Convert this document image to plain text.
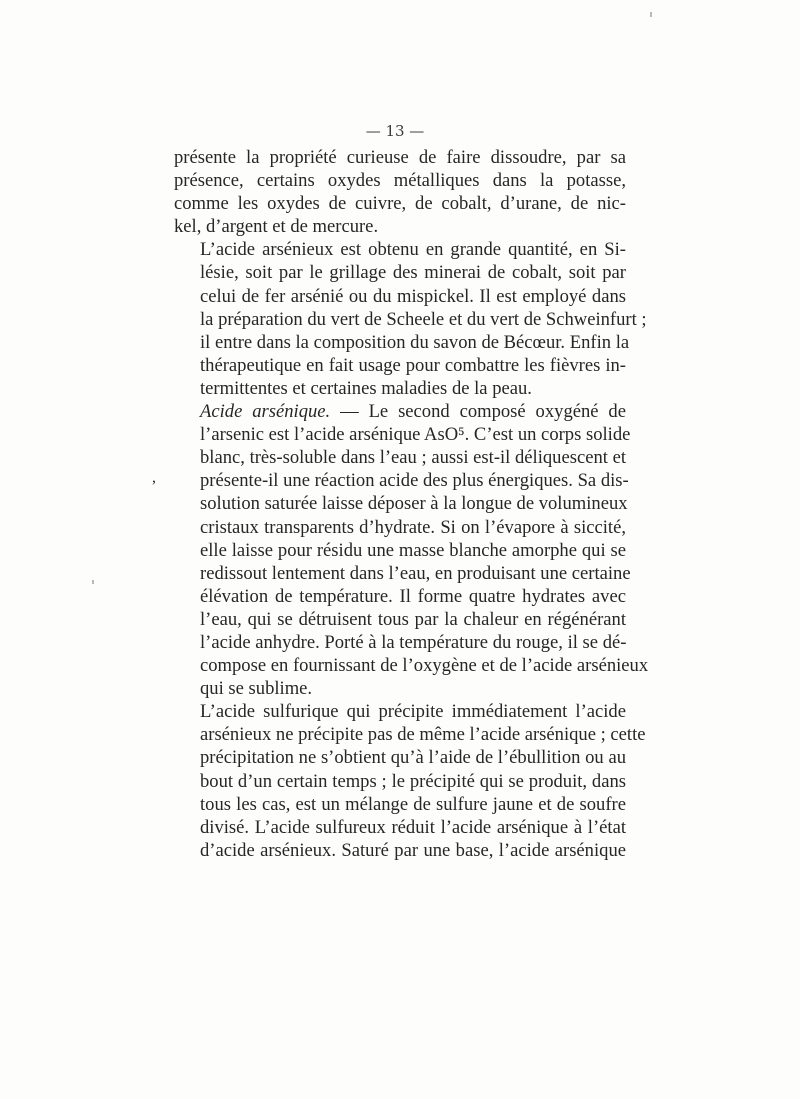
— 13 —
,

présente la propriété curieuse de faire dissoudre, par sa
présence, certains oxydes métalliques dans la potasse,
comme les oxydes de cuivre, de cobalt, d’urane, de nic-
kel, d’argent et de mercure.

L’acide arsénieux est obtenu en grande quantité, en Si-
lésie, soit par le grillage des minerai de cobalt, soit par
celui de fer arsénié ou du mispickel. Il est employé dans
la préparation du vert de Scheele et du vert de Schweinfurt ;
il entre dans la composition du savon de Bécœur. Enfin la
thérapeutique en fait usage pour combattre les fièvres in-
termittentes et certaines maladies de la peau.

Acide arsénique. — Le second composé oxygéné de
l’arsenic est l’acide arsénique AsO⁵. C’est un corps solide
blanc, très-soluble dans l’eau ; aussi est-il déliquescent et
présente-il une réaction acide des plus énergiques. Sa dis-
solution saturée laisse déposer à la longue de volumineux
cristaux transparents d’hydrate. Si on l’évapore à siccité,
elle laisse pour résidu une masse blanche amorphe qui se
redissout lentement dans l’eau, en produisant une certaine
élévation de température. Il forme quatre hydrates avec
l’eau, qui se détruisent tous par la chaleur en régénérant
l’acide anhydre. Porté à la température du rouge, il se dé-
compose en fournissant de l’oxygène et de l’acide arsénieux
qui se sublime.

L’acide sulfurique qui précipite immédiatement l’acide
arsénieux ne précipite pas de même l’acide arsénique ; cette
précipitation ne s’obtient qu’à l’aide de l’ébullition ou au
bout d’un certain temps ; le précipité qui se produit, dans
tous les cas, est un mélange de sulfure jaune et de soufre
divisé. L’acide sulfureux réduit l’acide arsénique à l’état
d’acide arsénieux. Saturé par une base, l’acide arsénique
